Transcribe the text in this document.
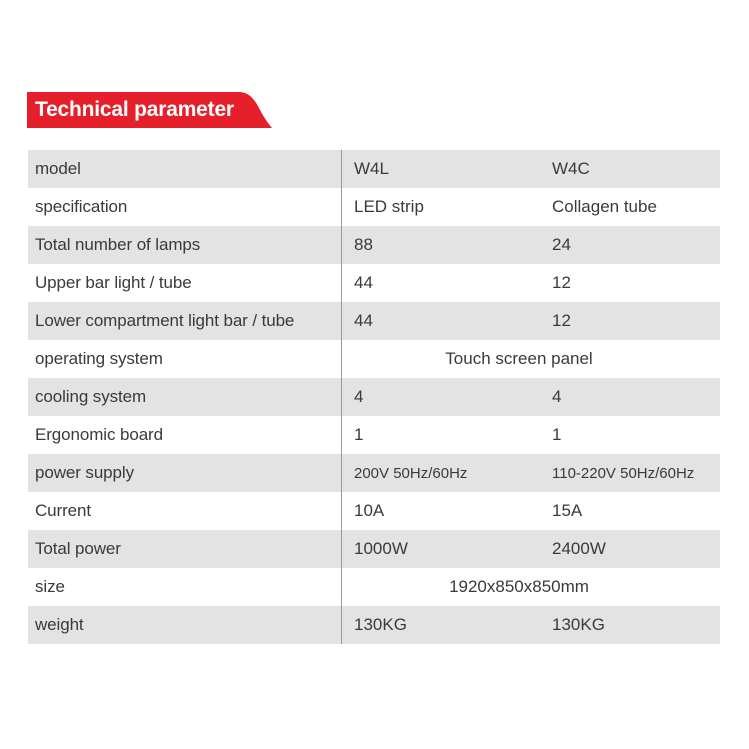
Technical parameter
model	W4L	W4C
specification	LED strip	Collagen tube
Total number of lamps	88	24
Upper bar light / tube	44	12
Lower compartment light bar / tube	44	12
operating system	Touch screen panel	
cooling system	4	4
Ergonomic board	1	1
power supply	200V 50Hz/60Hz	110-220V 50Hz/60Hz
Current	10A	15A
Total power	1000W	2400W
size	1920x850x850mm	
weight	130KG	130KG
